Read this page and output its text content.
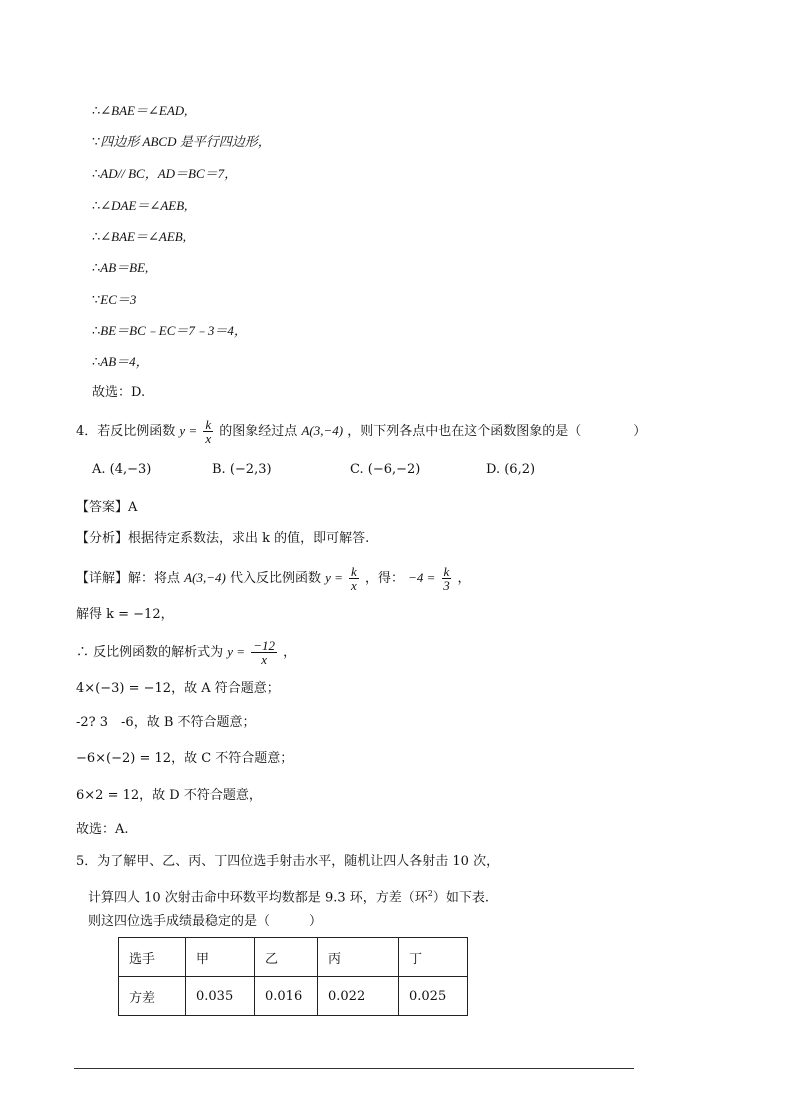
∴∠BAE＝∠EAD,
∵四边形 ABCD 是平行四边形，
∴AD// BC，AD＝BC＝7，
∴∠DAE＝∠AEB,
∴∠BAE＝∠AEB,
∴AB＝BE,
∵EC＝3
∴BE＝BC﹣EC＝7﹣3＝4，
∴AB＝4，
故选：D.
4．若反比例函数 $y = \frac{k}{x}$ 的图象经过点 A(3,−4) ，则下列各点中也在这个函数图象的是（　　　　）
A. (4,−3)	B. (−2,3)	C. (−6,−2)	D. (6,2)
【答案】A
【分析】根据待定系数法，求出 k 的值，即可解答.
【详解】解：将点 A(3,−4) 代入反比例函数 $y = \frac{k}{x}$ ，得： $-4 = \frac{k}{3}$ ，
解得 k = −12，
∴ 反比例函数的解析式为 $y = \frac{-12}{x}$ ，
4×(−3) = −12，故 A 符合题意；
-2? 3　-6，故 B 不符合题意；
−6×(−2) = 12，故 C 不符合题意；
6×2 = 12，故 D 不符合题意，
故选：A.
5．为了解甲、乙、丙、丁四位选手射击水平，随机让四人各射击 10 次，
计算四人 10 次射击命中环数平均数都是 9.3 环，方差（环$^2$）如下表.
则这四位选手成绩最稳定的是（　　　）
选手	甲	乙	丙	丁
方差	0.035	0.016	0.022	0.025
